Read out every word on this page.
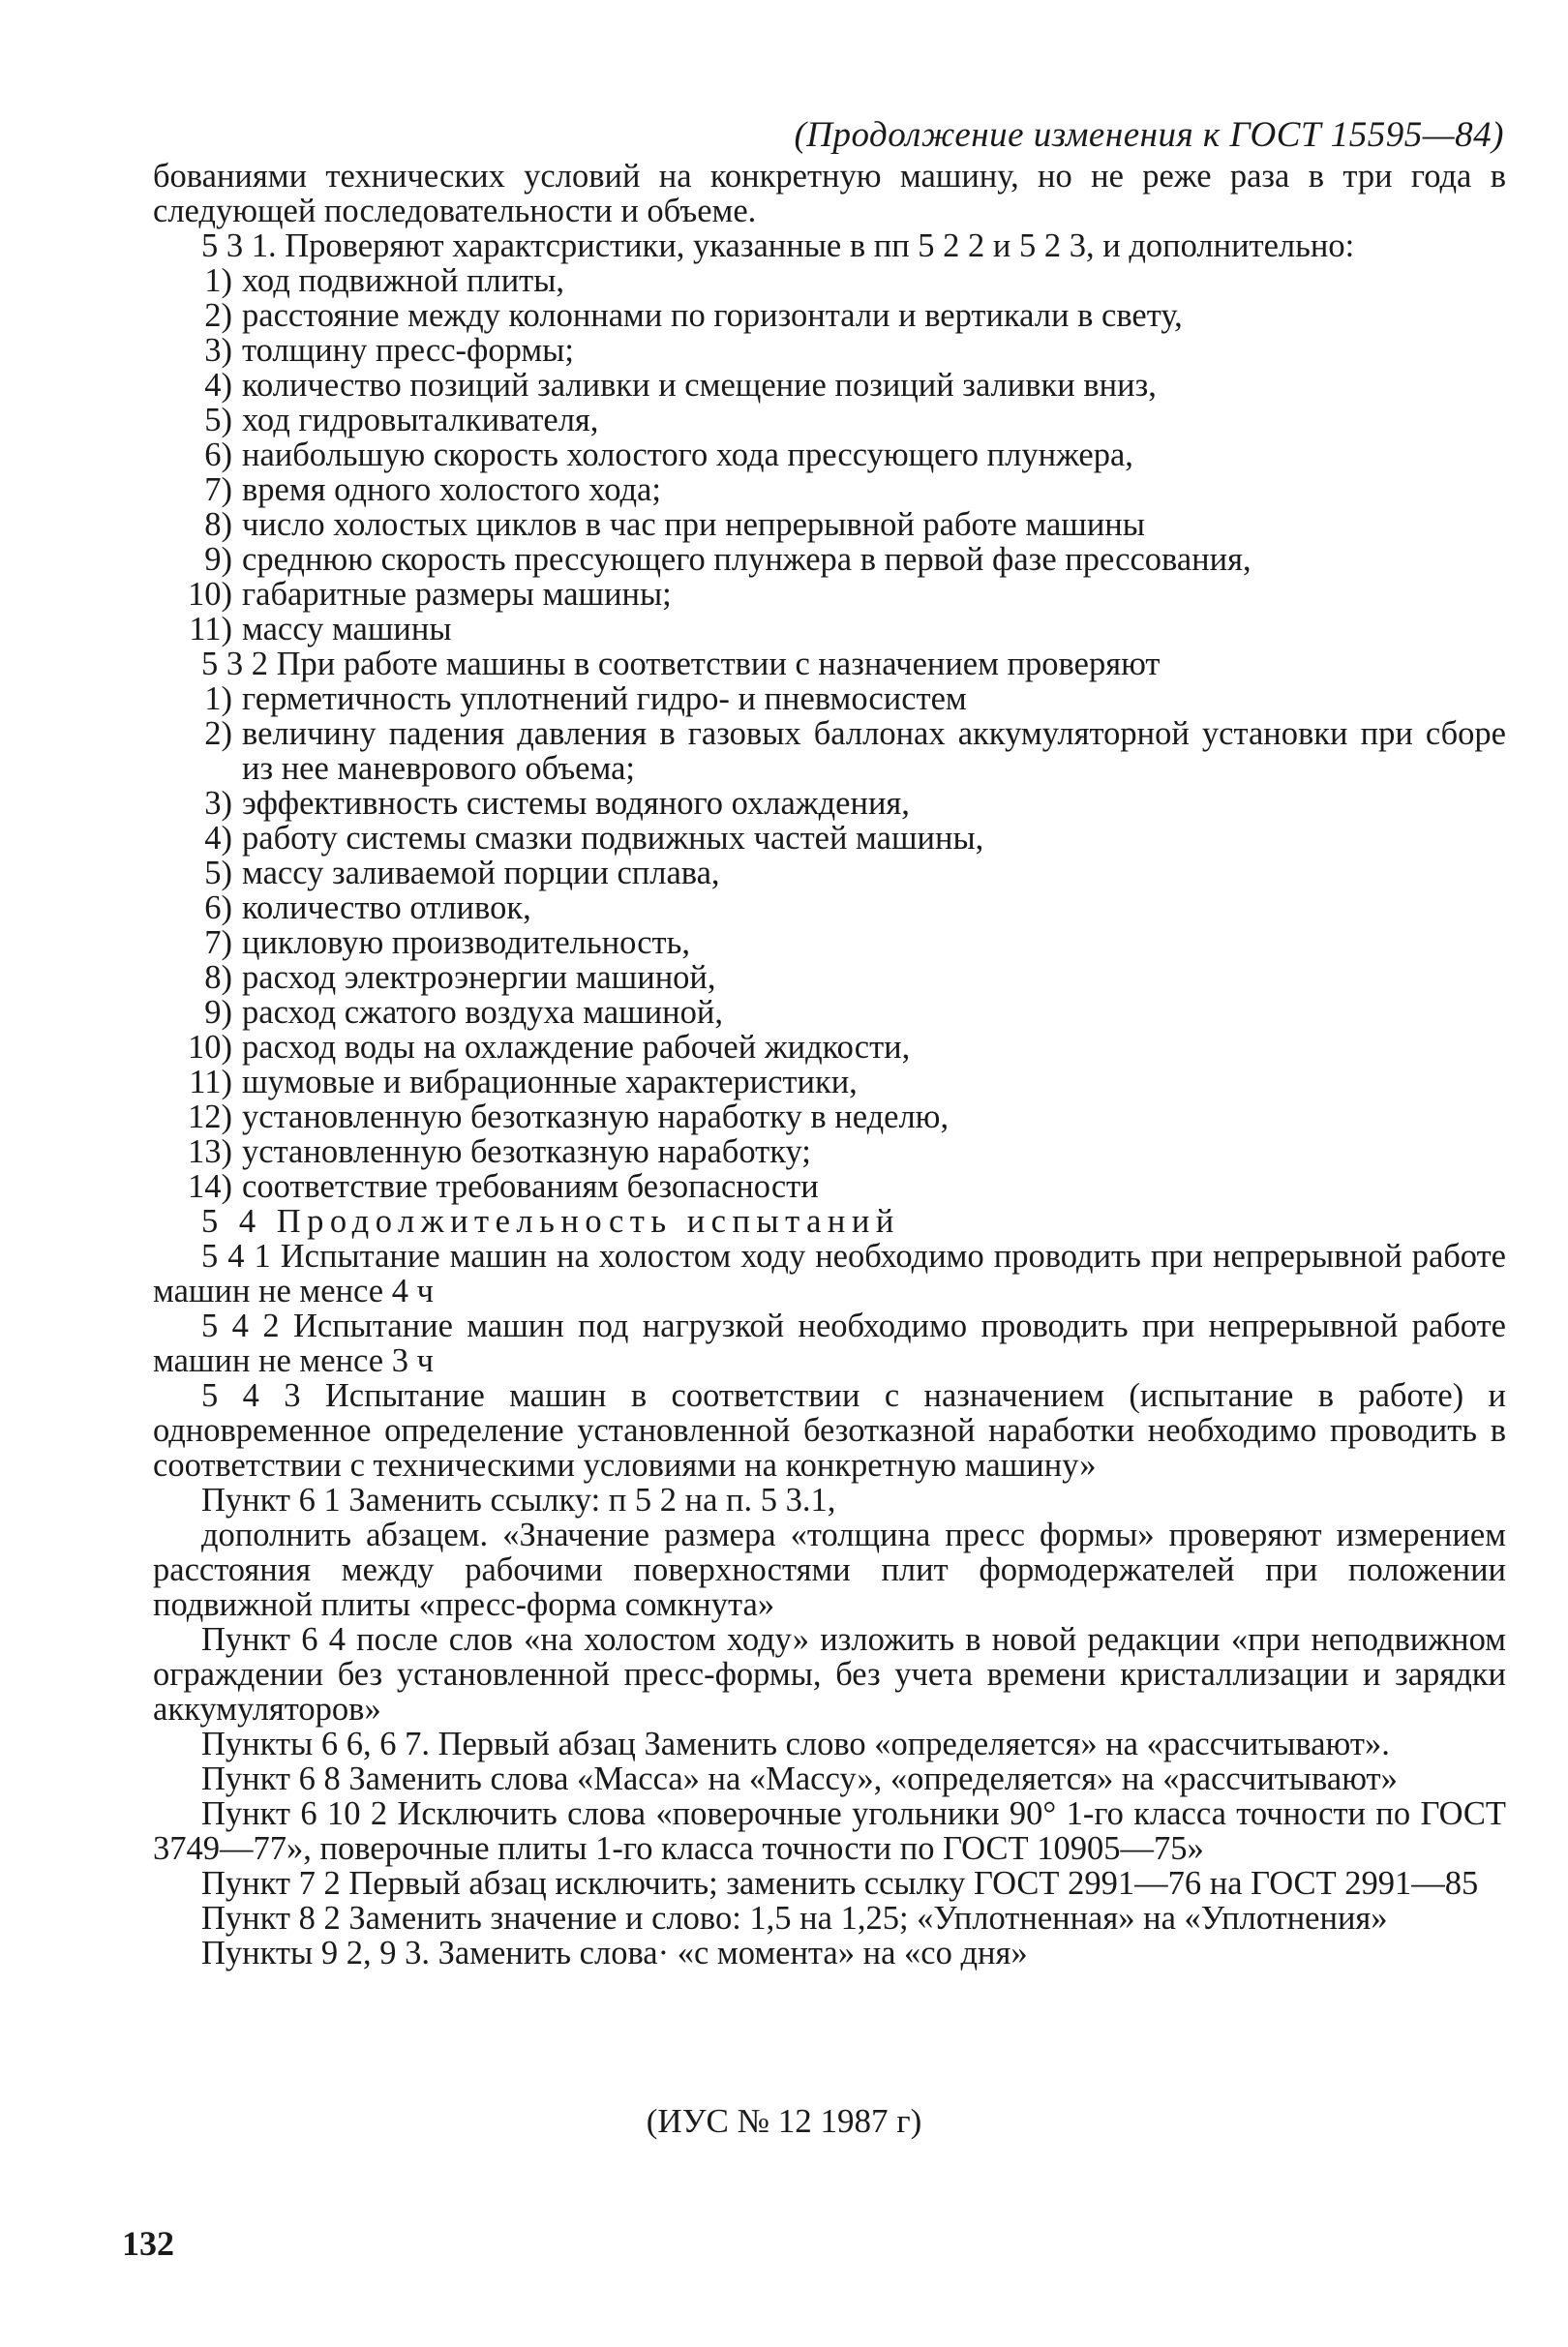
(Продолжение изменения к ГОСТ 15595—84)

бованиями технических условий на конкретную машину, но не реже раза в три года в следующей последовательности и объеме.

5 3 1. Проверяют характсристики, указанные в пп 5 2 2 и 5 2 3, и дополнительно:

1) ход подвижной плиты,
2) расстояние между колоннами по горизонтали и вертикали в свету,
3) толщину пресс-формы;
4) количество позиций заливки и смещение позиций заливки вниз,
5) ход гидровыталкивателя,
6) наибольшую скорость холостого хода прессующего плунжера,
7) время одного холостого хода;
8) число холостых циклов в час при непрерывной работе машины
9) среднюю скорость прессующего плунжера в первой фазе прессования,
10) габаритные размеры машины;
11) массу машины

5 3 2 При работе машины в соответствии с назначением проверяют

1) герметичность уплотнений гидро- и пневмосистем
2) величину падения давления в газовых баллонах аккумуляторной установки при сборе из нее маневрового объема;
3) эффективность системы водяного охлаждения,
4) работу системы смазки подвижных частей машины,
5) массу заливаемой порции сплава,
6) количество отливок,
7) цикловую производительность,
8) расход электроэнергии машиной,
9) расход сжатого воздуха машиной,
10) расход воды на охлаждение рабочей жидкости,
11) шумовые и вибрационные характеристики,
12) установленную безотказную наработку в неделю,
13) установленную безотказную наработку;
14) соответствие требованиям безопасности

5 4 Продолжительность испытаний

5 4 1 Испытание машин на холостом ходу необходимо проводить при непрерывной работе машин не менсе 4 ч

5 4 2 Испытание машин под нагрузкой необходимо проводить при непрерывной работе машин не менсе 3 ч

5 4 3 Испытание машин в соответствии с назначением (испытание в работе) и одновременное определение установленной безотказной наработки необходимо проводить в соответствии с техническими условиями на конкретную машину»

Пункт 6 1 Заменить ссылку: п 5 2 на п. 5 3.1,

дополнить абзацем. «Значение размера «толщина пресс формы» проверяют измерением расстояния между рабочими поверхностями плит формодержателей при положении подвижной плиты «пресс-форма сомкнута»

Пункт 6 4 после слов «на холостом ходу» изложить в новой редакции «при неподвижном ограждении без установленной пресс-формы, без учета времени кристаллизации и зарядки аккумуляторов»

Пункты 6 6, 6 7. Первый абзац Заменить слово «определяется» на «рассчитывают».

Пункт 6 8 Заменить слова «Масса» на «Массу», «определяется» на «рассчитывают»

Пункт 6 10 2 Исключить слова «поверочные угольники 90° 1-го класса точности по ГОСТ 3749—77», поверочные плиты 1-го класса точности по ГОСТ 10905—75»

Пункт 7 2 Первый абзац исключить; заменить ссылку ГОСТ 2991—76 на ГОСТ 2991—85

Пункт 8 2 Заменить значение и слово: 1,5 на 1,25; «Уплотненная» на «Уплотнения»

Пункты 9 2, 9 3. Заменить слова· «с момента» на «со дня»

(ИУС № 12 1987 г)
132
